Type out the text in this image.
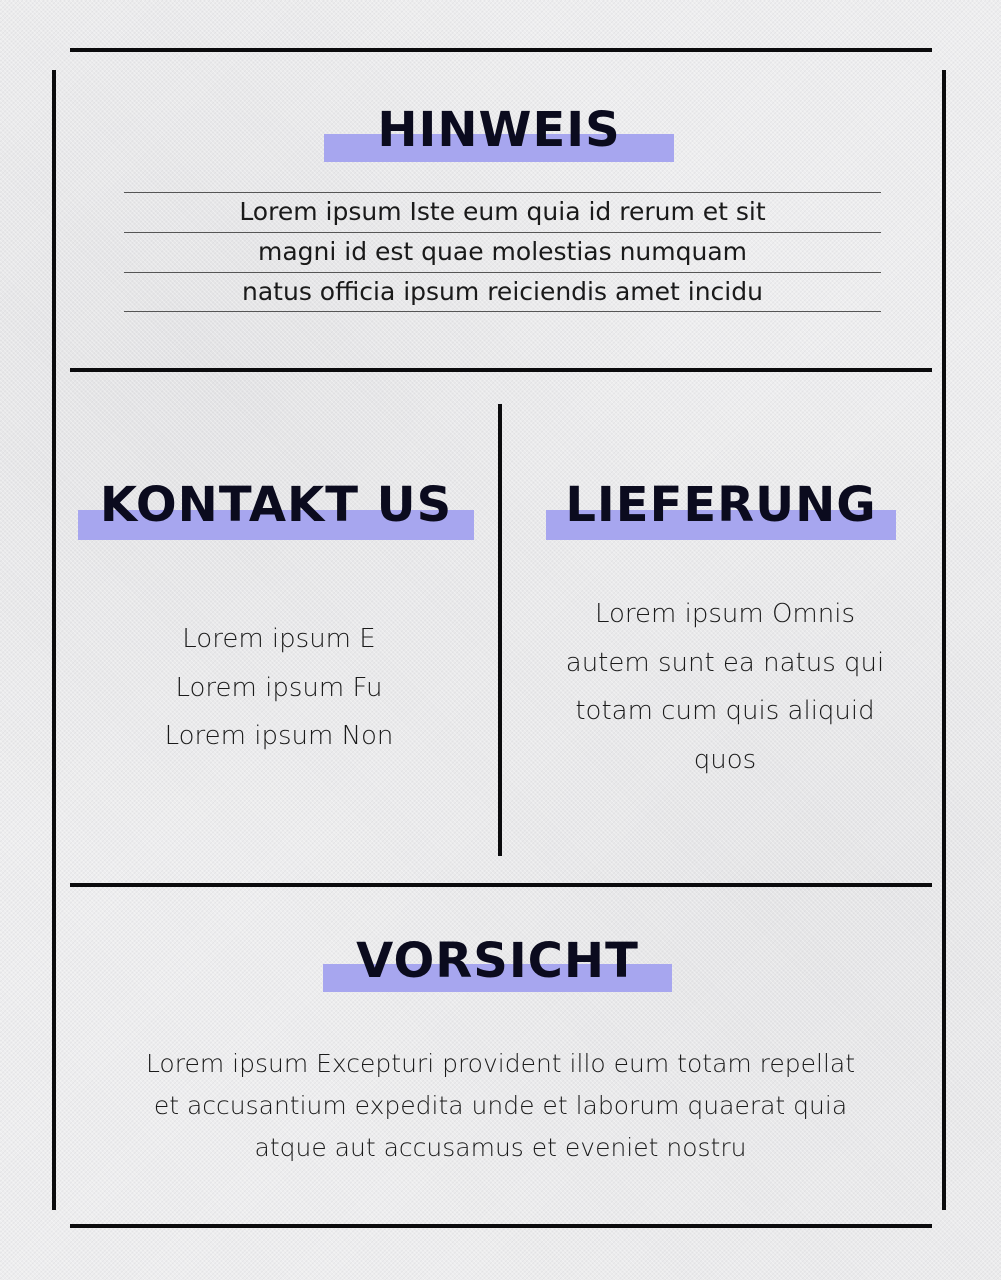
HINWEIS
Lorem ipsum Iste eum quia id rerum et sit
magni id est quae molestias numquam
natus officia ipsum reiciendis amet incidu
KONTAKT US
Lorem ipsum E
Lorem ipsum Fu
Lorem ipsum Non
LIEFERUNG
Lorem ipsum Omnis
autem sunt ea natus qui
totam cum quis aliquid
quos
VORSICHT
Lorem ipsum Excepturi provident illo eum totam repellat
et accusantium expedita unde et laborum quaerat quia
atque aut accusamus et eveniet nostru
